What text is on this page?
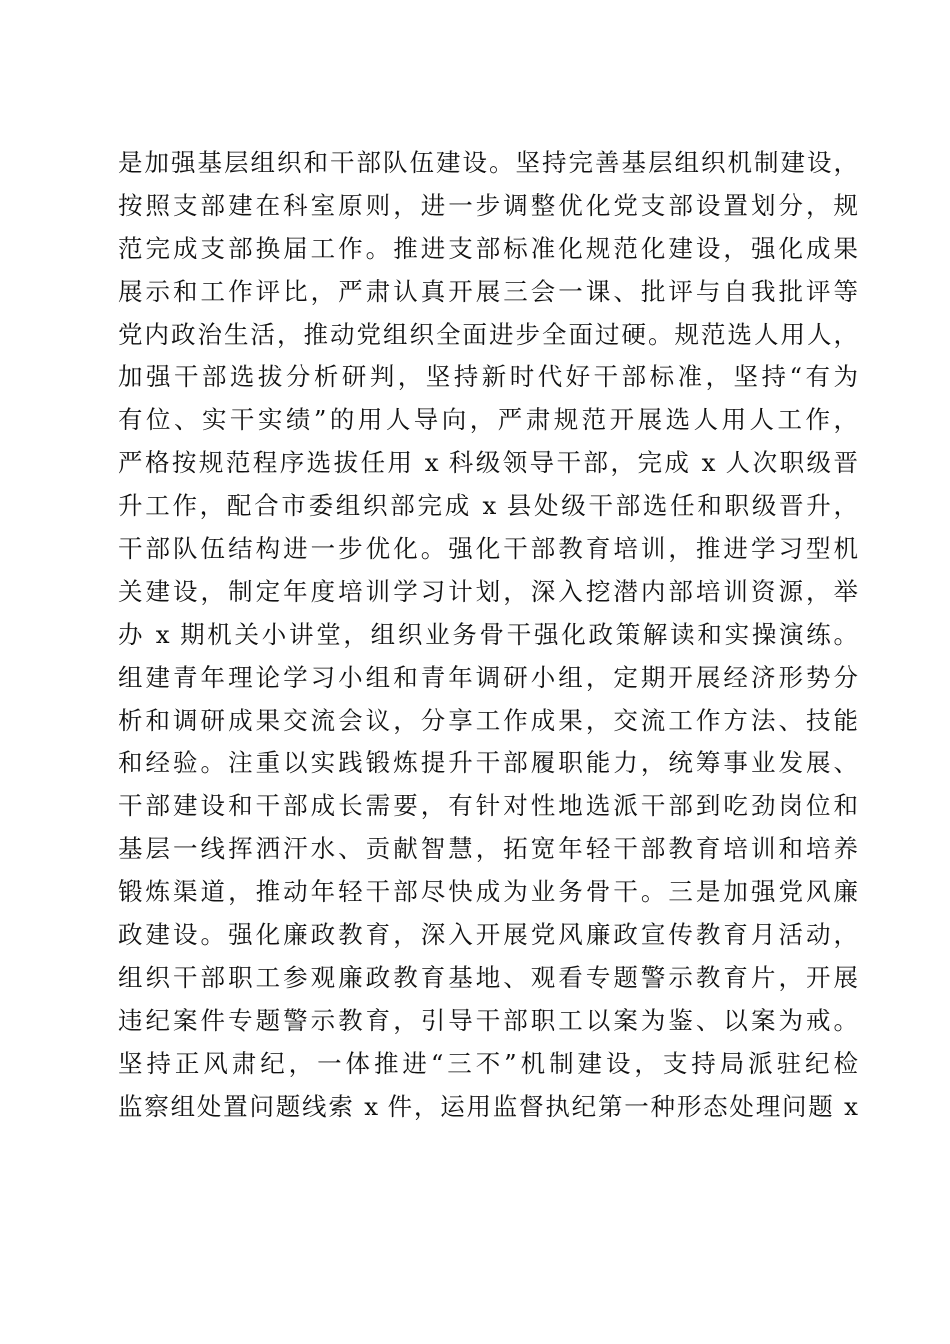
是加强基层组织和干部队伍建设。坚持完善基层组织机制建设，
按照支部建在科室原则，进一步调整优化党支部设置划分，规
范完成支部换届工作。推进支部标准化规范化建设，强化成果
展示和工作评比，严肃认真开展三会一课、批评与自我批评等
党内政治生活，推动党组织全面进步全面过硬。规范选人用人，
加强干部选拔分析研判，坚持新时代好干部标准，坚持“有为
有位、实干实绩”的用人导向，严肃规范开展选人用人工作，
严格按规范程序选拔任用 x 科级领导干部，完成 x 人次职级晋
升工作，配合市委组织部完成 x 县处级干部选任和职级晋升，
干部队伍结构进一步优化。强化干部教育培训，推进学习型机
关建设，制定年度培训学习计划，深入挖潜内部培训资源，举
办 x 期机关小讲堂，组织业务骨干强化政策解读和实操演练。
组建青年理论学习小组和青年调研小组，定期开展经济形势分
析和调研成果交流会议，分享工作成果，交流工作方法、技能
和经验。注重以实践锻炼提升干部履职能力，统筹事业发展、
干部建设和干部成长需要，有针对性地选派干部到吃劲岗位和
基层一线挥洒汗水、贡献智慧，拓宽年轻干部教育培训和培养
锻炼渠道，推动年轻干部尽快成为业务骨干。三是加强党风廉
政建设。强化廉政教育，深入开展党风廉政宣传教育月活动，
组织干部职工参观廉政教育基地、观看专题警示教育片，开展
违纪案件专题警示教育，引导干部职工以案为鉴、以案为戒。
坚持正风肃纪，一体推进“三不”机制建设，支持局派驻纪检
监察组处置问题线索 x 件，运用监督执纪第一种形态处理问题 x
